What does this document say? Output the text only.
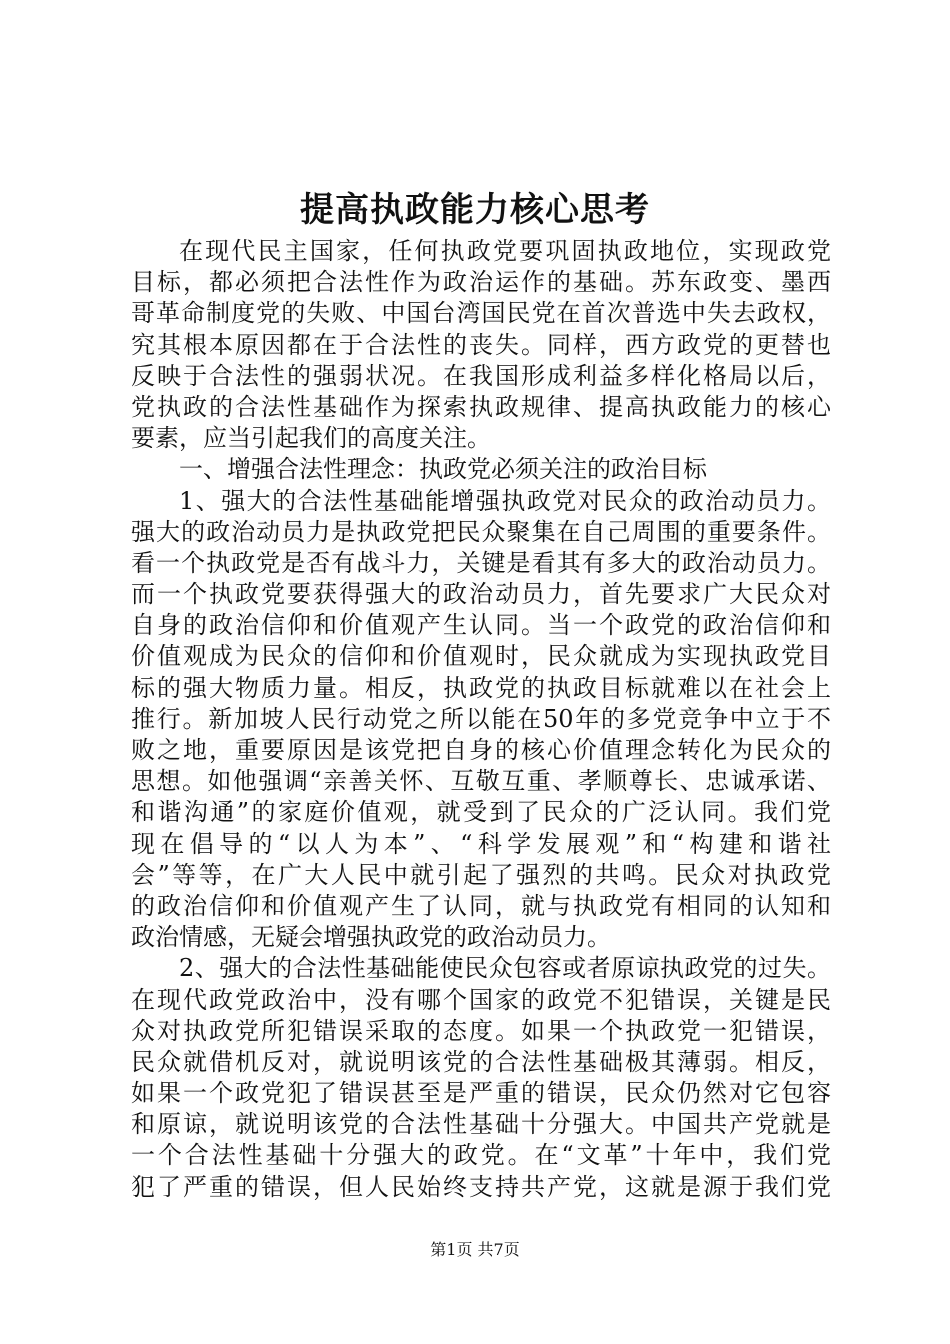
提高执政能力核心思考
在现代民主国家，任何执政党要巩固执政地位，实现政党
目标，都必须把合法性作为政治运作的基础。苏东政变、墨西
哥革命制度党的失败、中国台湾国民党在首次普选中失去政权，
究其根本原因都在于合法性的丧失。同样，西方政党的更替也
反映于合法性的强弱状况。在我国形成利益多样化格局以后，
党执政的合法性基础作为探索执政规律、提高执政能力的核心
要素，应当引起我们的高度关注。
一、增强合法性理念：执政党必须关注的政治目标
1、强大的合法性基础能增强执政党对民众的政治动员力。
强大的政治动员力是执政党把民众聚集在自己周围的重要条件。
看一个执政党是否有战斗力，关键是看其有多大的政治动员力。
而一个执政党要获得强大的政治动员力，首先要求广大民众对
自身的政治信仰和价值观产生认同。当一个政党的政治信仰和
价值观成为民众的信仰和价值观时，民众就成为实现执政党目
标的强大物质力量。相反，执政党的执政目标就难以在社会上
推行。新加坡人民行动党之所以能在50年的多党竞争中立于不
败之地，重要原因是该党把自身的核心价值理念转化为民众的
思想。如他强调“亲善关怀、互敬互重、孝顺尊长、忠诚承诺、
和谐沟通”的家庭价值观，就受到了民众的广泛认同。我们党
现在倡导的“以人为本”、“科学发展观”和“构建和谐社
会”等等，在广大人民中就引起了强烈的共鸣。民众对执政党
的政治信仰和价值观产生了认同，就与执政党有相同的认知和
政治情感，无疑会增强执政党的政治动员力。
2、强大的合法性基础能使民众包容或者原谅执政党的过失。
在现代政党政治中，没有哪个国家的政党不犯错误，关键是民
众对执政党所犯错误采取的态度。如果一个执政党一犯错误，
民众就借机反对，就说明该党的合法性基础极其薄弱。相反，
如果一个政党犯了错误甚至是严重的错误，民众仍然对它包容
和原谅，就说明该党的合法性基础十分强大。中国共产党就是
一个合法性基础十分强大的政党。在“文革”十年中，我们党
犯了严重的错误，但人民始终支持共产党，这就是源于我们党
第1页 共7页
